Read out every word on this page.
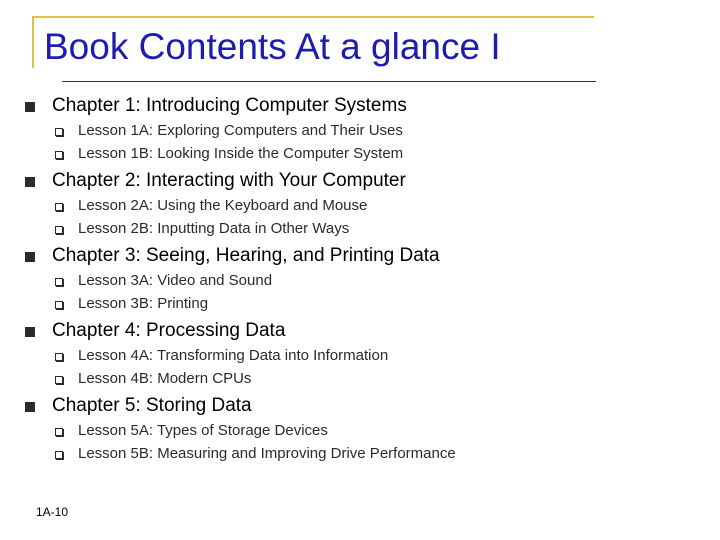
Book Contents At a glance I
Chapter 1: Introducing Computer Systems
Lesson 1A: Exploring Computers and Their Uses
Lesson 1B: Looking Inside the Computer System
Chapter 2: Interacting with Your Computer
Lesson 2A: Using the Keyboard and Mouse
Lesson 2B: Inputting Data in Other Ways
Chapter 3: Seeing, Hearing, and Printing Data
Lesson 3A: Video and Sound
Lesson 3B: Printing
Chapter 4: Processing Data
Lesson 4A: Transforming Data into Information
Lesson 4B: Modern CPUs
Chapter 5: Storing Data
Lesson 5A: Types of Storage Devices
Lesson 5B: Measuring and Improving Drive Performance
1A-10
